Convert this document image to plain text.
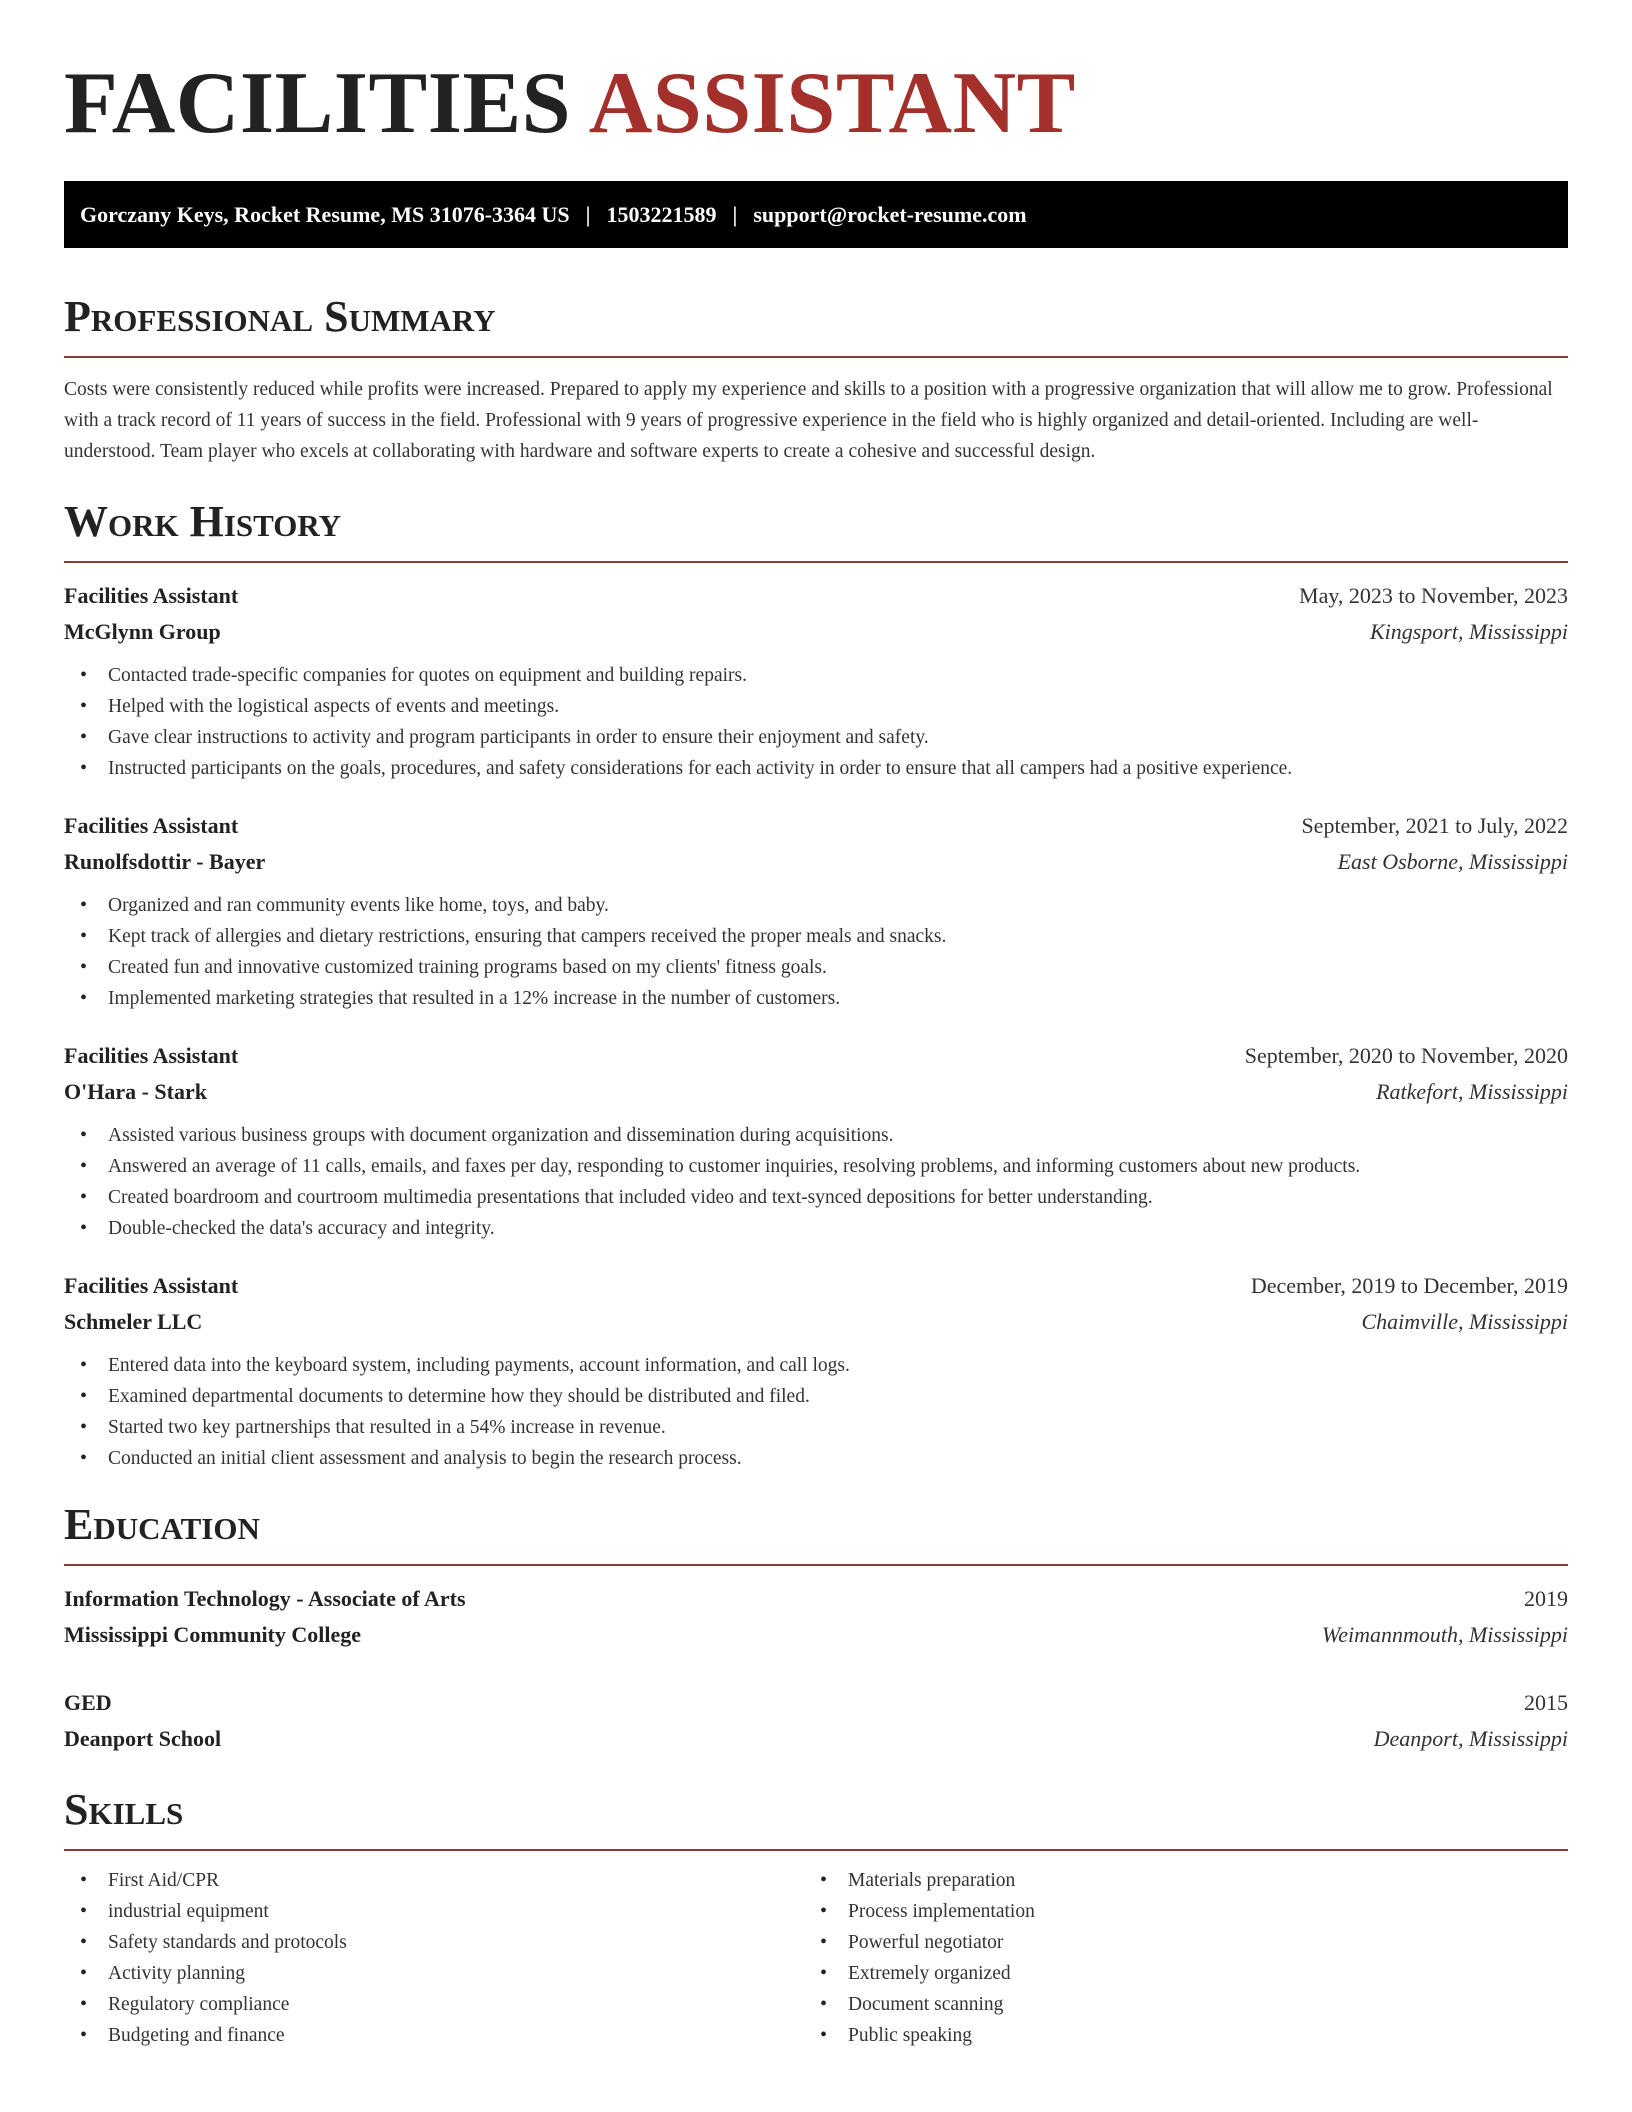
FACILITIES ASSISTANT
Gorczany Keys, Rocket Resume, MS 31076-3364 US | 1503221589 | support@rocket-resume.com
Professional Summary

Costs were consistently reduced while profits were increased. Prepared to apply my experience and skills to a position with a progressive organization that will allow me to grow. Professional with a track record of 11 years of success in the field. Professional with 9 years of progressive experience in the field who is highly organized and detail-oriented. Including are well-understood. Team player who excels at collaborating with hardware and software experts to create a cohesive and successful design.

Work History
Facilities Assistant	May, 2023 to November, 2023
McGlynn Group	Kingsport, Mississippi
• Contacted trade-specific companies for quotes on equipment and building repairs.
• Helped with the logistical aspects of events and meetings.
• Gave clear instructions to activity and program participants in order to ensure their enjoyment and safety.
• Instructed participants on the goals, procedures, and safety considerations for each activity in order to ensure that all campers had a positive experience.
Facilities Assistant	September, 2021 to July, 2022
Runolfsdottir - Bayer	East Osborne, Mississippi
• Organized and ran community events like home, toys, and baby.
• Kept track of allergies and dietary restrictions, ensuring that campers received the proper meals and snacks.
• Created fun and innovative customized training programs based on my clients' fitness goals.
• Implemented marketing strategies that resulted in a 12% increase in the number of customers.
Facilities Assistant	September, 2020 to November, 2020
O'Hara - Stark	Ratkefort, Mississippi
• Assisted various business groups with document organization and dissemination during acquisitions.
• Answered an average of 11 calls, emails, and faxes per day, responding to customer inquiries, resolving problems, and informing customers about new products.
• Created boardroom and courtroom multimedia presentations that included video and text-synced depositions for better understanding.
• Double-checked the data's accuracy and integrity.
Facilities Assistant	December, 2019 to December, 2019
Schmeler LLC	Chaimville, Mississippi
• Entered data into the keyboard system, including payments, account information, and call logs.
• Examined departmental documents to determine how they should be distributed and filed.
• Started two key partnerships that resulted in a 54% increase in revenue.
• Conducted an initial client assessment and analysis to begin the research process.
Education
Information Technology - Associate of Arts	2019
Mississippi Community College	Weimannmouth, Mississippi
GED	2015
Deanport School	Deanport, Mississippi
Skills
• First Aid/CPR
• industrial equipment
• Safety standards and protocols
• Activity planning
• Regulatory compliance
• Budgeting and finance
• Materials preparation
• Process implementation
• Powerful negotiator
• Extremely organized
• Document scanning
• Public speaking
